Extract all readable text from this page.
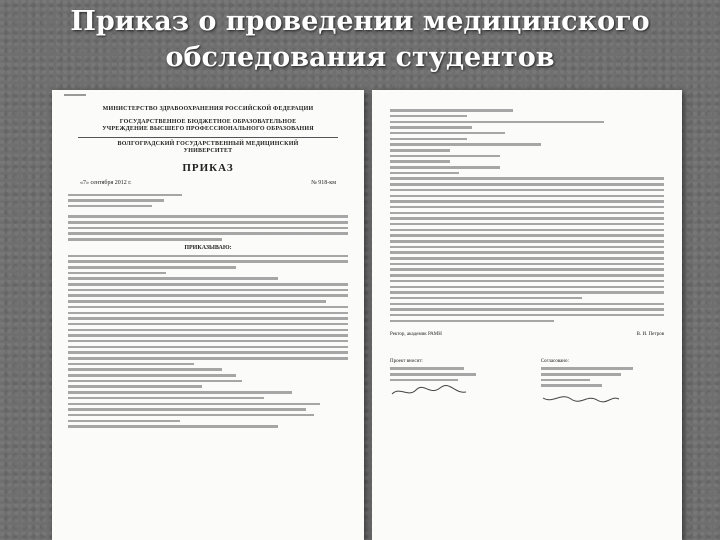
Приказ о проведении медицинского
обследования студентов
МИНИСТЕРСТВО ЗДРАВООХРАНЕНИЯ РОССИЙСКОЙ ФЕДЕРАЦИИ
ГОСУДАРСТВЕННОЕ БЮДЖЕТНОЕ ОБРАЗОВАТЕЛЬНОЕ
УЧРЕЖДЕНИЕ ВЫСШЕГО ПРОФЕССИОНАЛЬНОГО ОБРАЗОВАНИЯ
ВОЛГОГРАДСКИЙ ГОСУДАРСТВЕННЫЙ МЕДИЦИНСКИЙ
УНИВЕРСИТЕТ
ПРИКАЗ
«7» сентября 2012 г.	№ 918-км
ПРИКАЗЫВАЮ:
Ректор, академик РАМН	В. И. Петров
Проект вносит:	Согласовано:
